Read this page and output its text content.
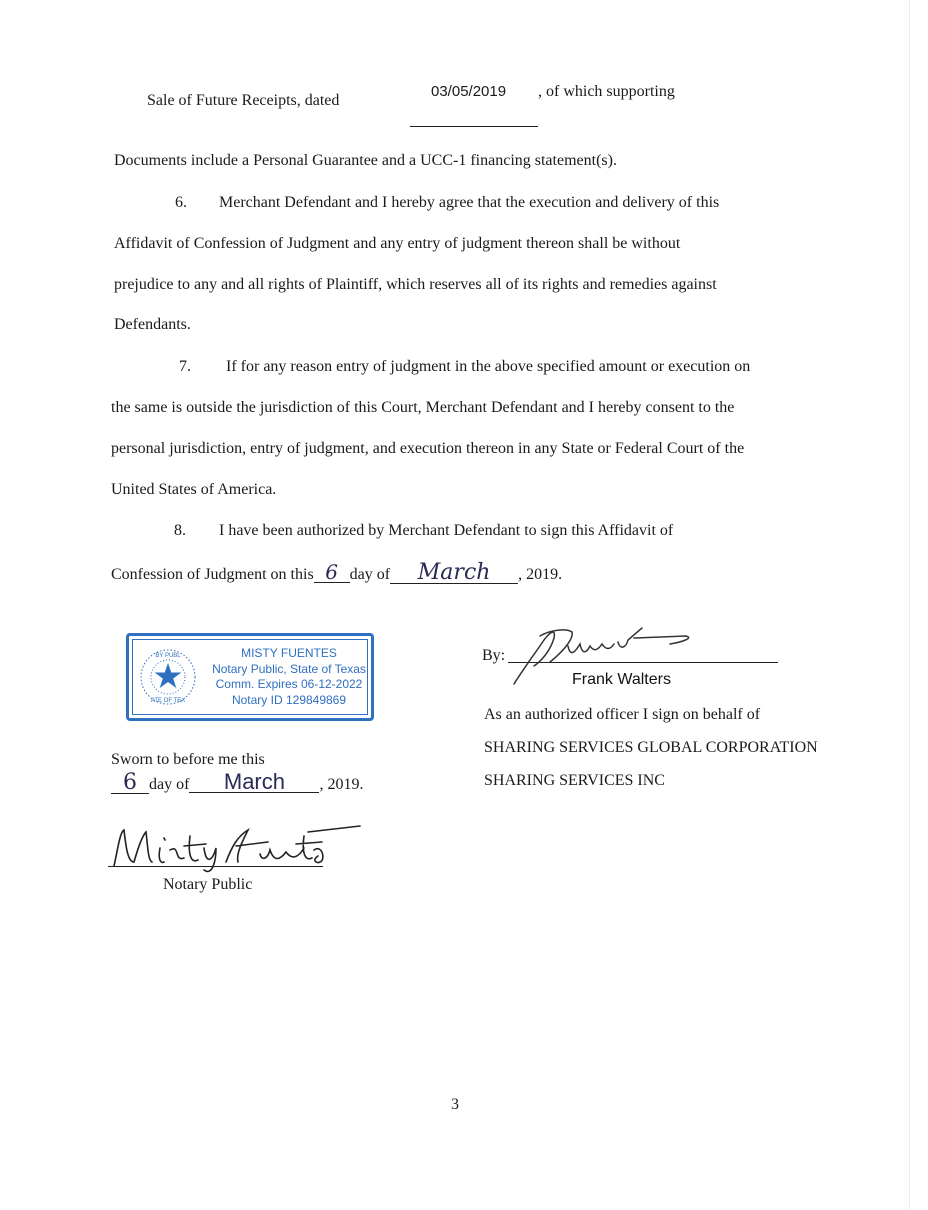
Sale of Future Receipts, dated
03/05/2019 , of which supporting
Documents include a Personal Guarantee and a UCC-1 financing statement(s).
6. Merchant Defendant and I hereby agree that the execution and delivery of this
Affidavit of Confession of Judgment and any entry of judgment thereon shall be without
prejudice to any and all rights of Plaintiff, which reserves all of its rights and remedies against
Defendants.
7. If for any reason entry of judgment in the above specified amount or execution on
the same is outside the jurisdiction of this Court, Merchant Defendant and I hereby consent to the
personal jurisdiction, entry of judgment, and execution thereon in any State or Federal Court of the
United States of America.
8. I have been authorized by Merchant Defendant to sign this Affidavit of
Confession of Judgment on this 6 day of March , 2019.
BY PUBL
ATE OF TEX
MISTY FUENTES
Notary Public, State of Texas
Comm. Expires 06-12-2022
Notary ID 129849869
Sworn to before me this
6 day of March , 2019.
Notary Public
By:
Frank Walters
As an authorized officer I sign on behalf of
SHARING SERVICES GLOBAL CORPORATION
SHARING SERVICES INC
3
